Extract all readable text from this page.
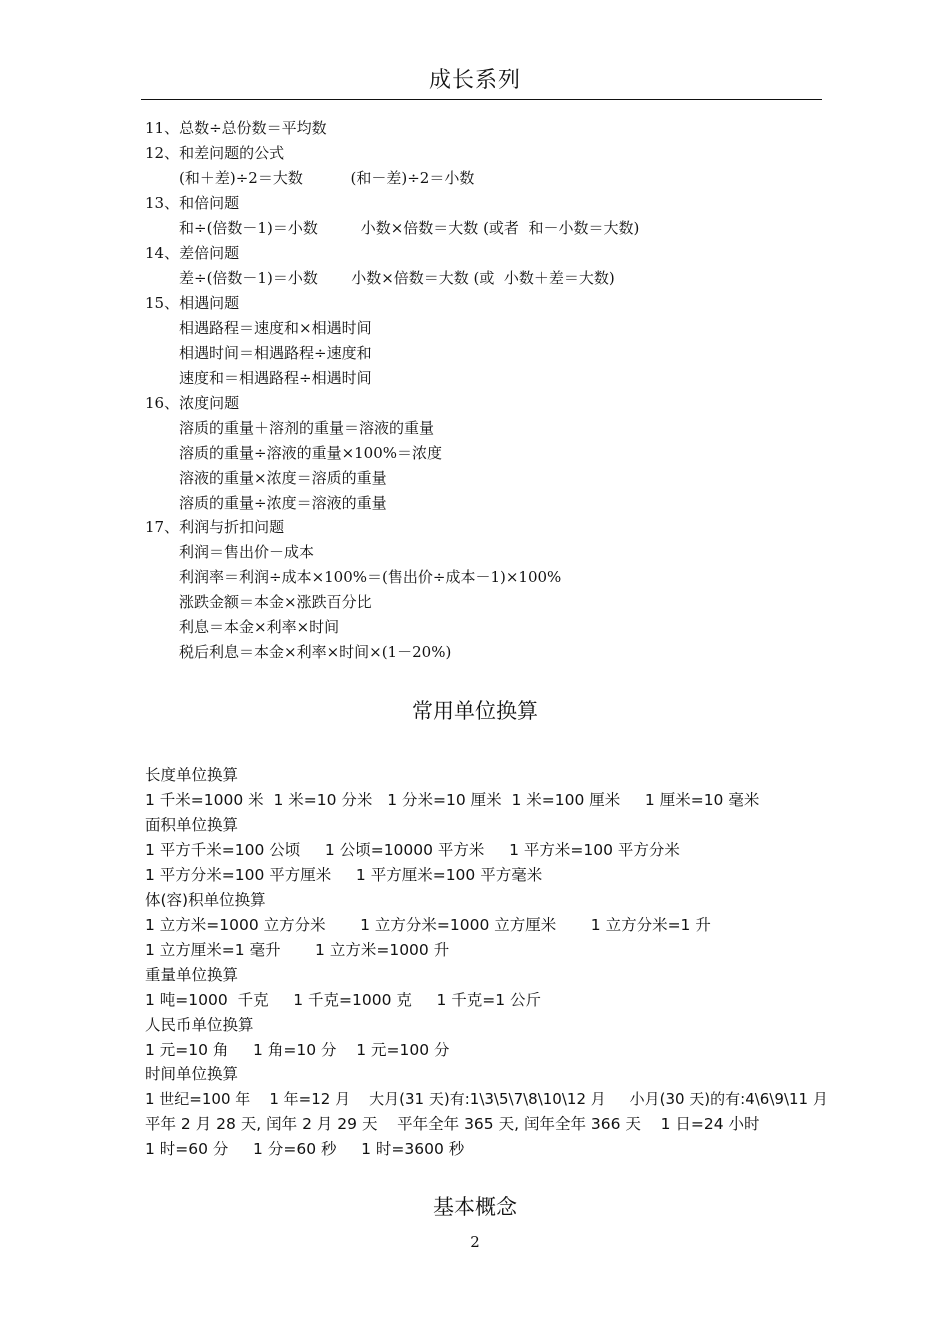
成长系列
11、总数÷总份数＝平均数
12、和差问题的公式
(和＋差)÷2＝大数          (和－差)÷2＝小数
13、和倍问题
和÷(倍数－1)＝小数         小数×倍数＝大数 (或者  和－小数＝大数)
14、差倍问题
差÷(倍数－1)＝小数       小数×倍数＝大数 (或  小数＋差＝大数)
15、相遇问题
相遇路程＝速度和×相遇时间
相遇时间＝相遇路程÷速度和
速度和＝相遇路程÷相遇时间
16、浓度问题
溶质的重量＋溶剂的重量＝溶液的重量
溶质的重量÷溶液的重量×100%＝浓度
溶液的重量×浓度＝溶质的重量
溶质的重量÷浓度＝溶液的重量
17、利润与折扣问题
利润＝售出价－成本
利润率＝利润÷成本×100%＝(售出价÷成本－1)×100%
涨跌金额＝本金×涨跌百分比
利息＝本金×利率×时间
税后利息＝本金×利率×时间×(1－20%)
常用单位换算
长度单位换算
1 千米=1000 米  1 米=10 分米   1 分米=10 厘米  1 米=100 厘米     1 厘米=10 毫米
面积单位换算
1 平方千米=100 公顷     1 公顷=10000 平方米     1 平方米=100 平方分米
1 平方分米=100 平方厘米     1 平方厘米=100 平方毫米
体(容)积单位换算
1 立方米=1000 立方分米       1 立方分米=1000 立方厘米       1 立方分米=1 升
1 立方厘米=1 毫升       1 立方米=1000 升
重量单位换算
1 吨=1000  千克     1 千克=1000 克     1 千克=1 公斤
人民币单位换算
1 元=10 角     1 角=10 分    1 元=100 分
时间单位换算
1 世纪=100 年    1 年=12 月    大月(31 天)有:1\3\5\7\8\10\12 月     小月(30 天)的有:4\6\9\11 月
平年 2 月 28 天, 闰年 2 月 29 天    平年全年 365 天, 闰年全年 366 天    1 日=24 小时
1 时=60 分     1 分=60 秒     1 时=3600 秒
基本概念
2
